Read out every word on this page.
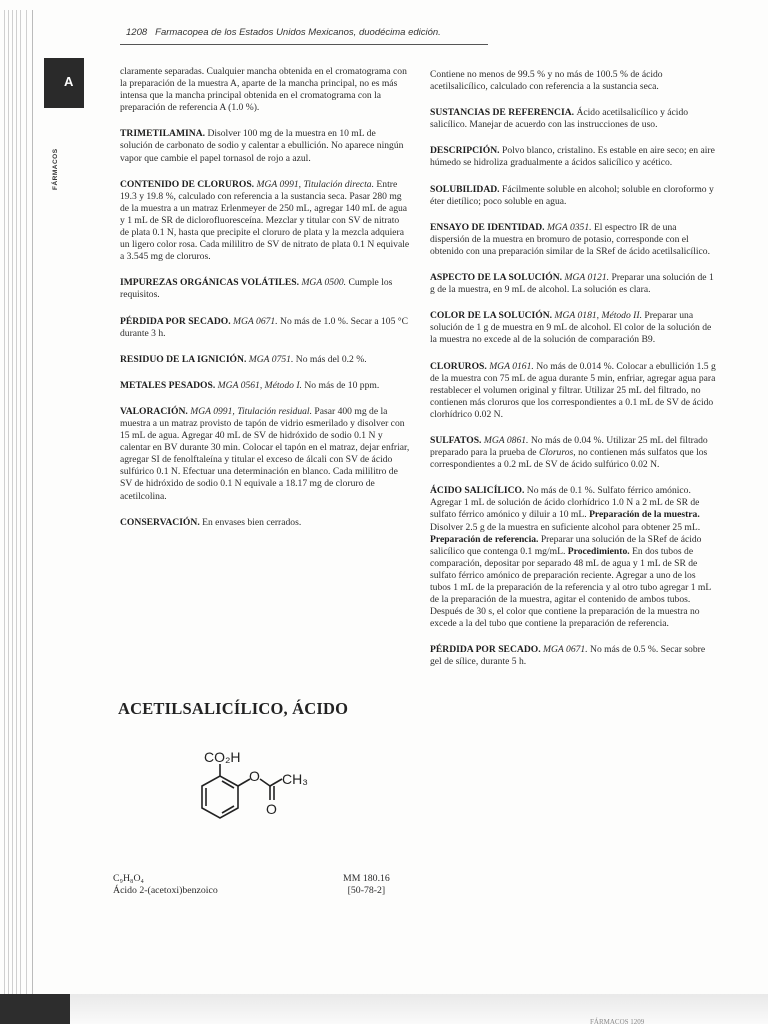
1208 Farmacopea de los Estados Unidos Mexicanos, duodécima edición.
A
FÁRMACOS

claramente separadas. Cualquier mancha obtenida en el cromatograma con la preparación de la muestra A, aparte de la mancha principal, no es más intensa que la mancha principal obtenida en el cromatograma con la preparación de referencia A (1.0 %).

TRIMETILAMINA. Disolver 100 mg de la muestra en 10 mL de solución de carbonato de sodio y calentar a ebullición. No aparece ningún vapor que cambie el papel tornasol de rojo a azul.

CONTENIDO DE CLORUROS. MGA 0991, Titulación directa. Entre 19.3 y 19.8 %, calculado con referencia a la sustancia seca. Pasar 280 mg de la muestra a un matraz Erlenmeyer de 250 mL, agregar 140 mL de agua y 1 mL de SR de diclorofluoresceína. Mezclar y titular con SV de nitrato de plata 0.1 N, hasta que precipite el cloruro de plata y la mezcla adquiera un ligero color rosa. Cada mililitro de SV de nitrato de plata 0.1 N equivale a 3.545 mg de cloruros.

IMPUREZAS ORGÁNICAS VOLÁTILES. MGA 0500. Cumple los requisitos.

PÉRDIDA POR SECADO. MGA 0671. No más de 1.0 %. Secar a 105 °C durante 3 h.

RESIDUO DE LA IGNICIÓN. MGA 0751. No más del 0.2 %.

METALES PESADOS. MGA 0561, Método I. No más de 10 ppm.

VALORACIÓN. MGA 0991, Titulación residual. Pasar 400 mg de la muestra a un matraz provisto de tapón de vidrio esmerilado y disolver con 15 mL de agua. Agregar 40 mL de SV de hidróxido de sodio 0.1 N y calentar en BV durante 30 min. Colocar el tapón en el matraz, dejar enfriar, agregar SI de fenolftaleína y titular el exceso de álcali con SV de ácido sulfúrico 0.1 N. Efectuar una determinación en blanco. Cada mililitro de SV de hidróxido de sodio 0.1 N equivale a 18.17 mg de cloruro de acetilcolina.

CONSERVACIÓN. En envases bien cerrados.

ACETILSALICÍLICO, ÁCIDO
CO₂H
O CH₃
O
C₉H₈O₄
Ácido 2-(acetoxi)benzoico
MM 180.16
[50-78-2]

Contiene no menos de 99.5 % y no más de 100.5 % de ácido acetilsalicílico, calculado con referencia a la sustancia seca.

SUSTANCIAS DE REFERENCIA. Ácido acetilsalicílico y ácido salicílico. Manejar de acuerdo con las instrucciones de uso.

DESCRIPCIÓN. Polvo blanco, cristalino. Es estable en aire seco; en aire húmedo se hidroliza gradualmente a ácidos salicílico y acético.

SOLUBILIDAD. Fácilmente soluble en alcohol; soluble en cloroformo y éter dietílico; poco soluble en agua.

ENSAYO DE IDENTIDAD. MGA 0351. El espectro IR de una dispersión de la muestra en bromuro de potasio, corresponde con el obtenido con una preparación similar de la SRef de ácido acetilsalicílico.

ASPECTO DE LA SOLUCIÓN. MGA 0121. Preparar una solución de 1 g de la muestra, en 9 mL de alcohol. La solución es clara.

COLOR DE LA SOLUCIÓN. MGA 0181, Método II. Preparar una solución de 1 g de muestra en 9 mL de alcohol. El color de la solución de la muestra no excede al de la solución de comparación B9.

CLORUROS. MGA 0161. No más de 0.014 %. Colocar a ebullición 1.5 g de la muestra con 75 mL de agua durante 5 min, enfriar, agregar agua para restablecer el volumen original y filtrar. Utilizar 25 mL del filtrado, no contienen más cloruros que los correspondientes a 0.1 mL de SV de ácido clorhídrico 0.02 N.

SULFATOS. MGA 0861. No más de 0.04 %. Utilizar 25 mL del filtrado preparado para la prueba de Cloruros, no contienen más sulfatos que los correspondientes a 0.2 mL de SV de ácido sulfúrico 0.02 N.

ÁCIDO SALICÍLICO. No más de 0.1 %. Sulfato férrico amónico. Agregar 1 mL de solución de ácido clorhídrico 1.0 N a 2 mL de SR de sulfato férrico amónico y diluir a 10 mL. Preparación de la muestra. Disolver 2.5 g de la muestra en suficiente alcohol para obtener 25 mL. Preparación de referencia. Preparar una solución de la SRef de ácido salicílico que contenga 0.1 mg/mL. Procedimiento. En dos tubos de comparación, depositar por separado 48 mL de agua y 1 mL de SR de sulfato férrico amónico de preparación reciente. Agregar a uno de los tubos 1 mL de la preparación de la referencia y al otro tubo agregar 1 mL de la preparación de la muestra, agitar el contenido de ambos tubos. Después de 30 s, el color que contiene la preparación de la muestra no excede a la del tubo que contiene la preparación de referencia.

PÉRDIDA POR SECADO. MGA 0671. No más de 0.5 %. Secar sobre gel de sílice, durante 5 h.

FÁRMACOS 1209
